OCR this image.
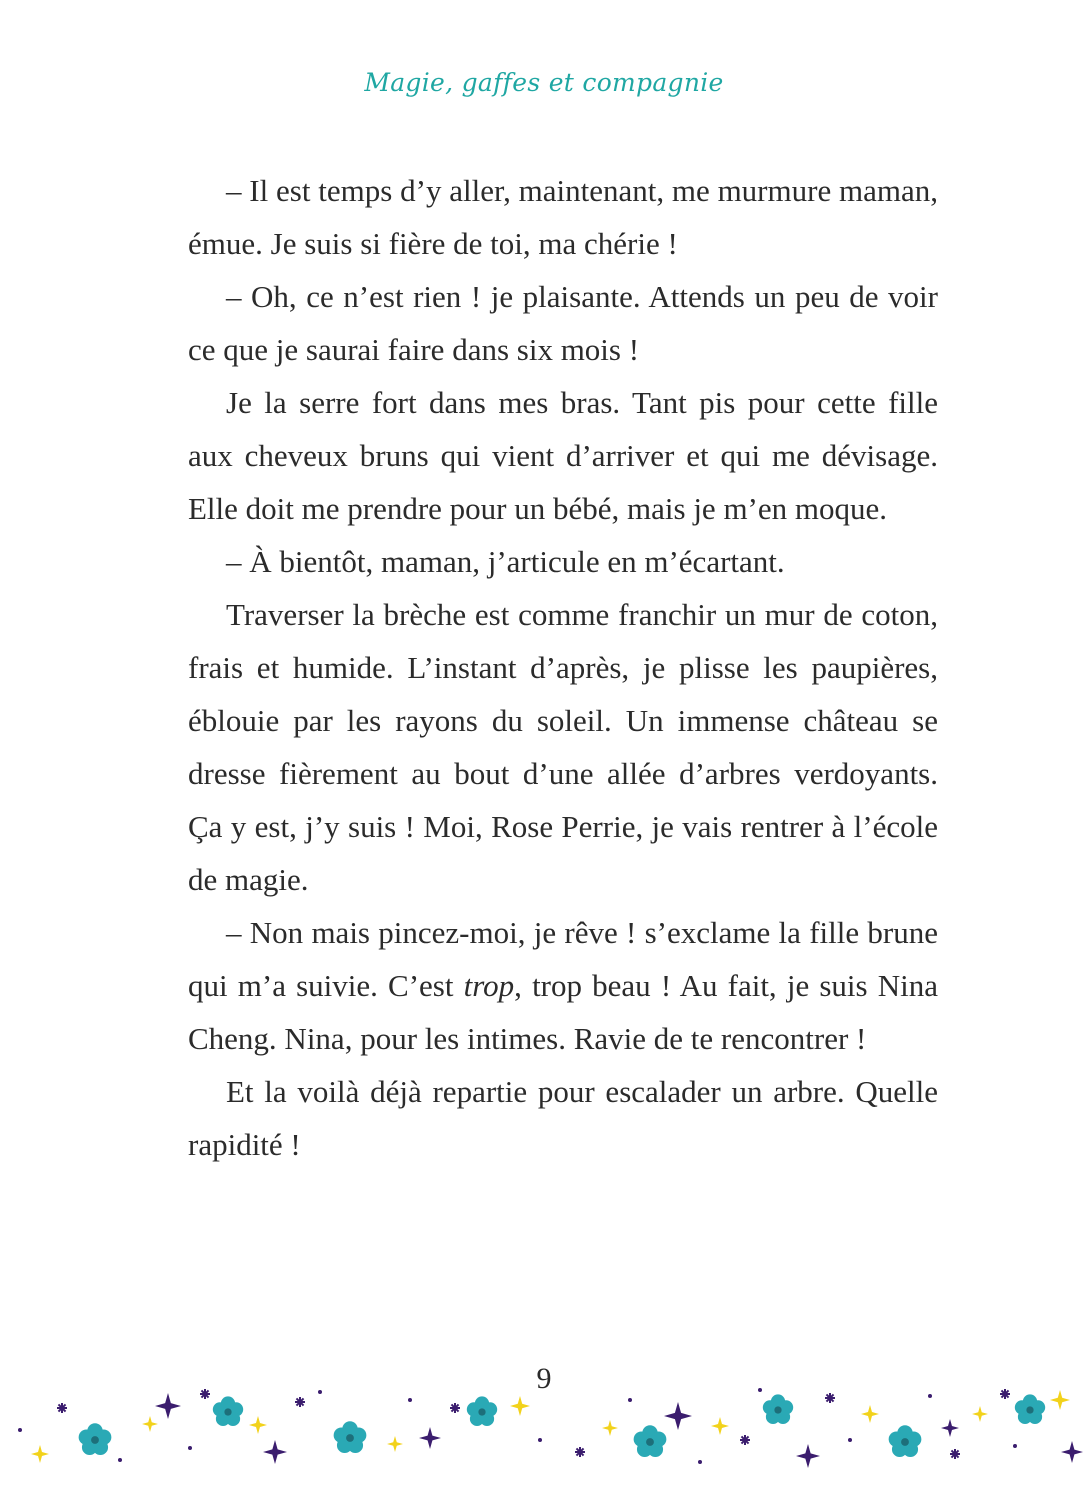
Magie, gaffes et compagnie

– Il est temps d’y aller, maintenant, me murmure maman, émue. Je suis si fière de toi, ma chérie !

– Oh, ce n’est rien ! je plaisante. Attends un peu de voir ce que je saurai faire dans six mois !

Je la serre fort dans mes bras. Tant pis pour cette fille aux cheveux bruns qui vient d’arriver et qui me dévisage. Elle doit me prendre pour un bébé, mais je m’en moque.

– À bientôt, maman, j’articule en m’écartant.

Traverser la brèche est comme franchir un mur de coton, frais et humide. L’instant d’après, je plisse les paupières, éblouie par les rayons du soleil. Un immense château se dresse fièrement au bout d’une allée d’arbres verdoyants. Ça y est, j’y suis ! Moi, Rose Perrie, je vais rentrer à l’école de magie.

– Non mais pincez-moi, je rêve ! s’exclame la fille brune qui m’a suivie. C’est trop, trop beau ! Au fait, je suis Nina Cheng. Nina, pour les intimes. Ravie de te rencontrer !

Et la voilà déjà repartie pour escalader un arbre. Quelle rapidité !

9
